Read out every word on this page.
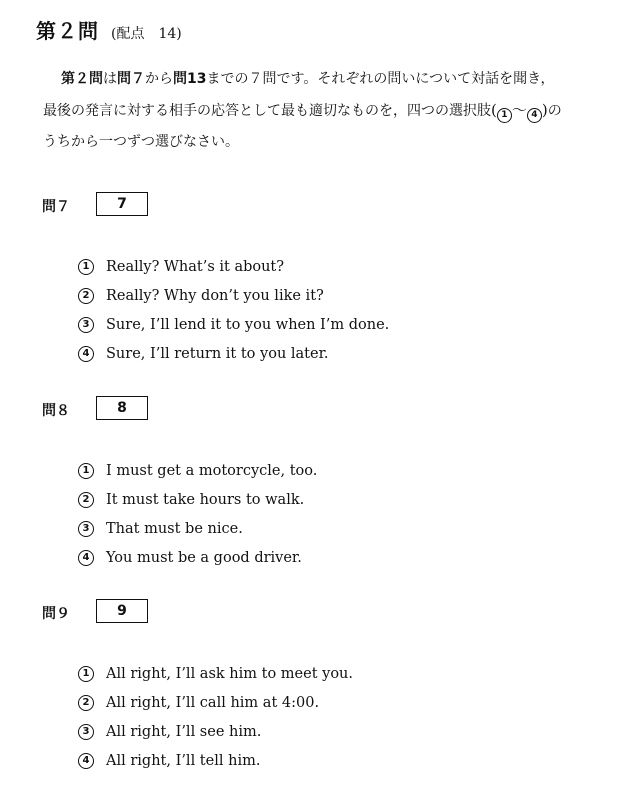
第２問 (配点　14)
第２問は問７から問13までの７問です。それぞれの問いについて対話を聞き，
最後の発言に対する相手の応答として最も適切なものを，四つの選択肢( 1 〜 4 )の
うちから一つずつ選びなさい。
問７	7
1	Really? What’s it about?
2	Really? Why don’t you like it?
3	Sure, I’ll lend it to you when I’m done.
4	Sure, I’ll return it to you later.
問８	8
1	I must get a motorcycle, too.
2	It must take hours to walk.
3	That must be nice.
4	You must be a good driver.
問９	9
1	All right, I’ll ask him to meet you.
2	All right, I’ll call him at 4:00.
3	All right, I’ll see him.
4	All right, I’ll tell him.
